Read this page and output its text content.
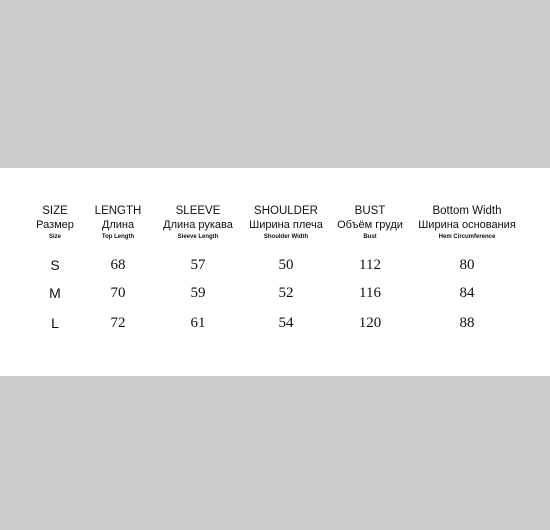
SIZE
Размер
Size
S
M
L
LENGTH
Длина
Top Length
68
70
72
SLEEVE
Длина рукава
Sleeve Length
57
59
61
SHOULDER
Ширина плеча
Shoulder Width
50
52
54
BUST
Объём груди
Bust
112
116
120
Bottom Width
Ширина основания
Hem Circumference
80
84
88
